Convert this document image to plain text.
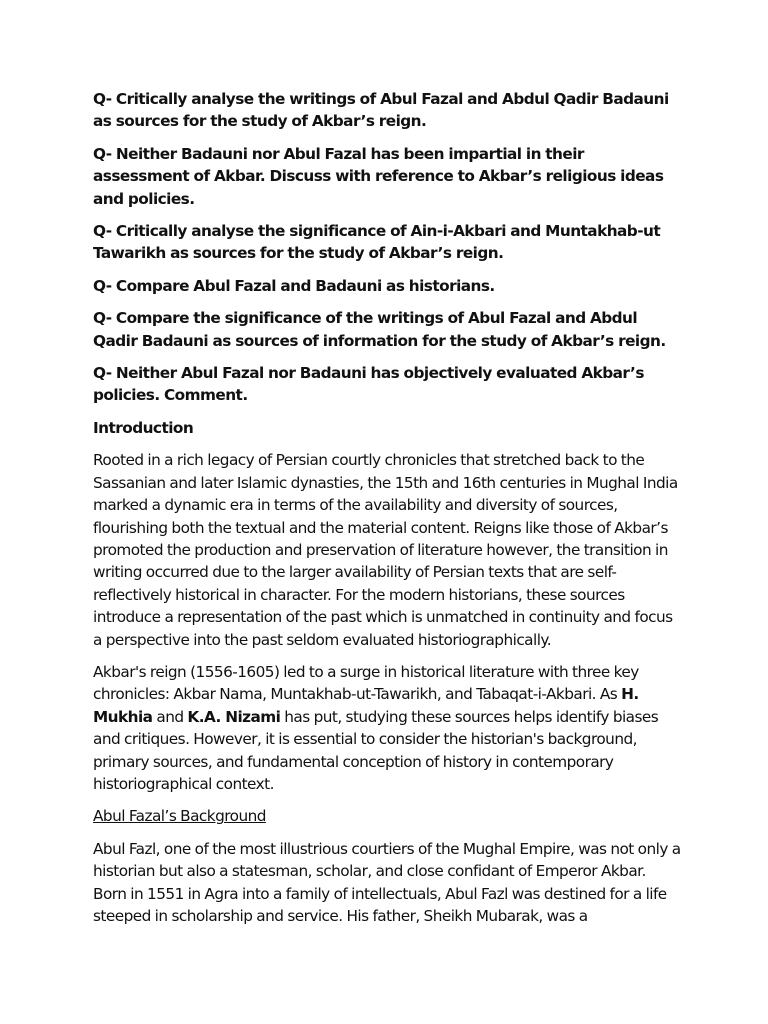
Q- Critically analyse the writings of Abul Fazal and Abdul Qadir Badauni as sources for the study of Akbar’s reign.

Q- Neither Badauni nor Abul Fazal has been impartial in their assessment of Akbar. Discuss with reference to Akbar’s religious ideas and policies.

Q- Critically analyse the significance of Ain-i-Akbari and Muntakhab-ut Tawarikh as sources for the study of Akbar’s reign.

Q- Compare Abul Fazal and Badauni as historians.

Q- Compare the significance of the writings of Abul Fazal and Abdul Qadir Badauni as sources of information for the study of Akbar’s reign.

Q- Neither Abul Fazal nor Badauni has objectively evaluated Akbar’s policies. Comment.

Introduction

Rooted in a rich legacy of Persian courtly chronicles that stretched back to the Sassanian and later Islamic dynasties, the 15th and 16th centuries in Mughal India marked a dynamic era in terms of the availability and diversity of sources, flourishing both the textual and the material content. Reigns like those of Akbar’s promoted the production and preservation of literature however, the transition in writing occurred due to the larger availability of Persian texts that are self-reflectively historical in character. For the modern historians, these sources introduce a representation of the past which is unmatched in continuity and focus a perspective into the past seldom evaluated historiographically.

Akbar's reign (1556-1605) led to a surge in historical literature with three key chronicles: Akbar Nama, Muntakhab-ut-Tawarikh, and Tabaqat-i-Akbari. As H. Mukhia and K.A. Nizami has put, studying these sources helps identify biases and critiques. However, it is essential to consider the historian's background, primary sources, and fundamental conception of history in contemporary historiographical context.

Abul Fazal’s Background

Abul Fazl, one of the most illustrious courtiers of the Mughal Empire, was not only a historian but also a statesman, scholar, and close confidant of Emperor Akbar. Born in 1551 in Agra into a family of intellectuals, Abul Fazl was destined for a life steeped in scholarship and service. His father, Sheikh Mubarak, was a
